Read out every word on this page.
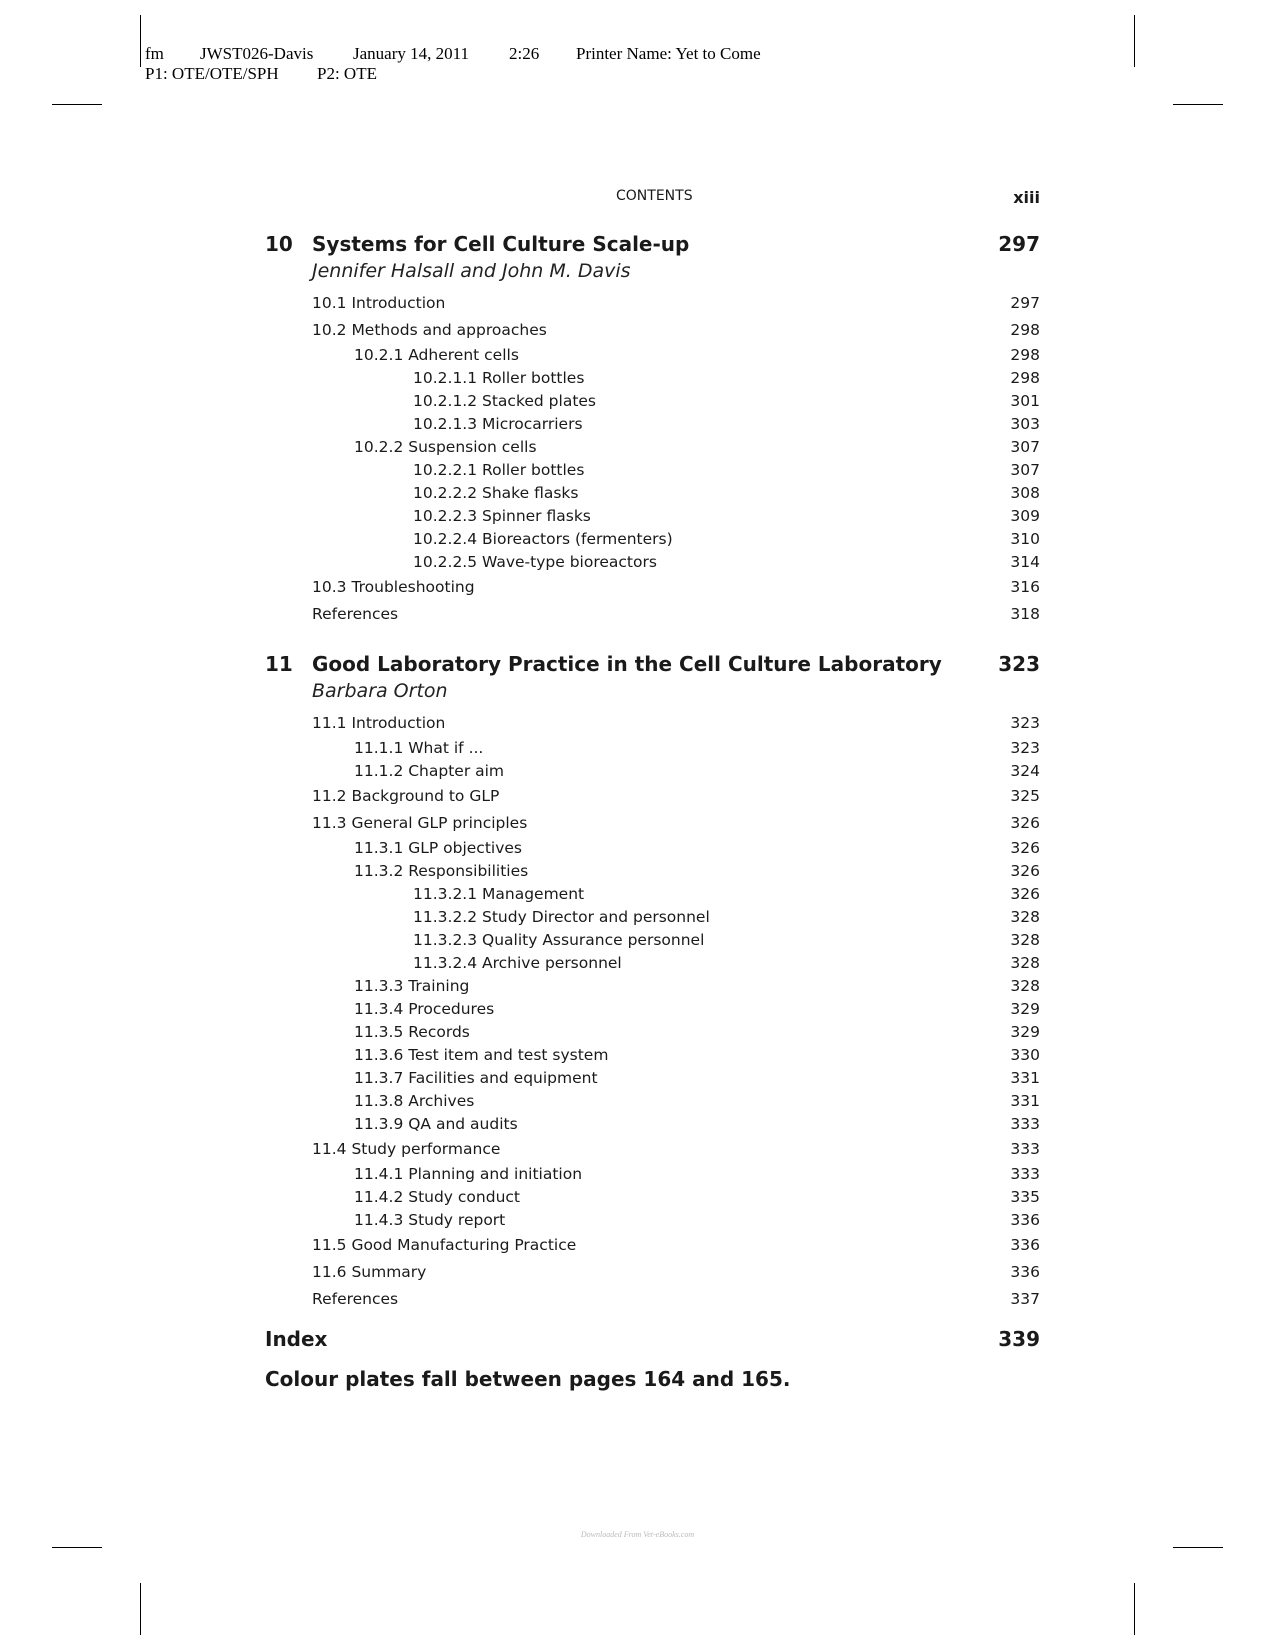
fm JWST026-Davis January 14, 2011 2:26 Printer Name: Yet to Come
P1: OTE/OTE/SPH P2: OTE
CONTENTS	xiii
10 Systems for Cell Culture Scale-up	297
Jennifer Halsall and John M. Davis
10.1 Introduction	297
10.2 Methods and approaches	298
10.2.1 Adherent cells	298
10.2.1.1 Roller bottles	298
10.2.1.2 Stacked plates	301
10.2.1.3 Microcarriers	303
10.2.2 Suspension cells	307
10.2.2.1 Roller bottles	307
10.2.2.2 Shake flasks	308
10.2.2.3 Spinner flasks	309
10.2.2.4 Bioreactors (fermenters)	310
10.2.2.5 Wave-type bioreactors	314
10.3 Troubleshooting	316
References	318
11 Good Laboratory Practice in the Cell Culture Laboratory	323
Barbara Orton
11.1 Introduction	323
11.1.1 What if ...	323
11.1.2 Chapter aim	324
11.2 Background to GLP	325
11.3 General GLP principles	326
11.3.1 GLP objectives	326
11.3.2 Responsibilities	326
11.3.2.1 Management	326
11.3.2.2 Study Director and personnel	328
11.3.2.3 Quality Assurance personnel	328
11.3.2.4 Archive personnel	328
11.3.3 Training	328
11.3.4 Procedures	329
11.3.5 Records	329
11.3.6 Test item and test system	330
11.3.7 Facilities and equipment	331
11.3.8 Archives	331
11.3.9 QA and audits	333
11.4 Study performance	333
11.4.1 Planning and initiation	333
11.4.2 Study conduct	335
11.4.3 Study report	336
11.5 Good Manufacturing Practice	336
11.6 Summary	336
References	337
Index	339
Colour plates fall between pages 164 and 165.
Downloaded From Vet-eBooks.com
